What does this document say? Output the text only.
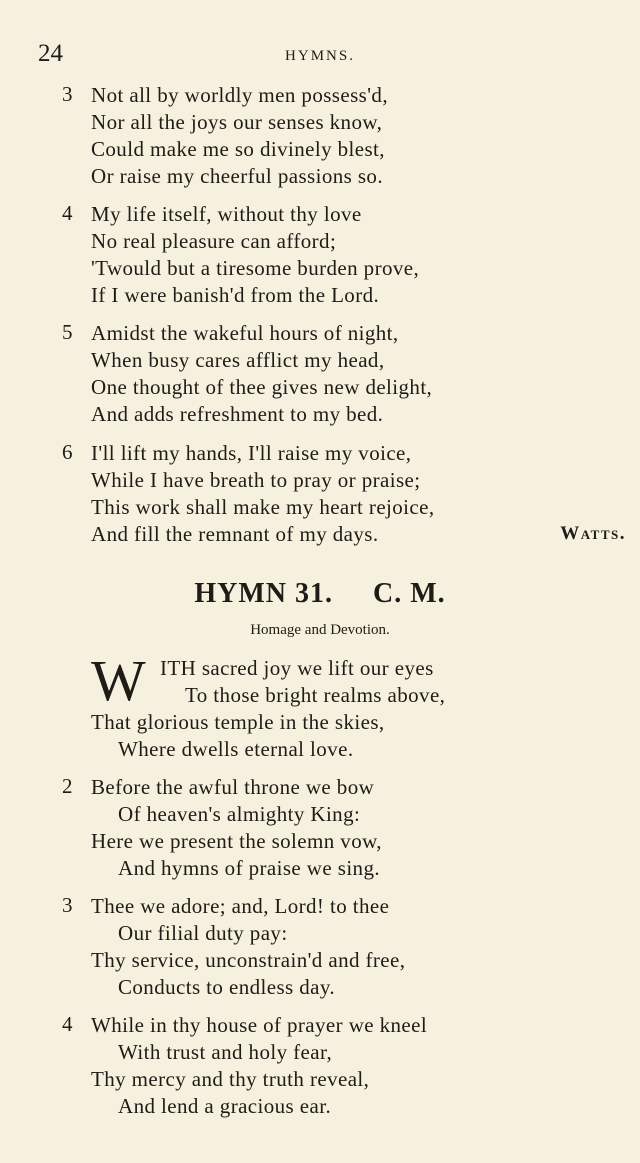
24	HYMNS.
3 Not all by worldly men possess'd,
Nor all the joys our senses know,
Could make me so divinely blest,
Or raise my cheerful passions so.
4 My life itself, without thy love
No real pleasure can afford;
'Twould but a tiresome burden prove,
If I were banish'd from the Lord.
5 Amidst the wakeful hours of night,
When busy cares afflict my head,
One thought of thee gives new delight,
And adds refreshment to my bed.
6 I'll lift my hands, I'll raise my voice,
While I have breath to pray or praise;
This work shall make my heart rejoice,
And fill the remnant of my days.	Watts.
HYMN 31. C. M.
Homage and Devotion.
W ITH sacred joy we lift our eyes
To those bright realms above,
That glorious temple in the skies,
Where dwells eternal love.
2 Before the awful throne we bow
Of heaven's almighty King:
Here we present the solemn vow,
And hymns of praise we sing.
3 Thee we adore; and, Lord! to thee
Our filial duty pay:
Thy service, unconstrain'd and free,
Conducts to endless day.
4 While in thy house of prayer we kneel
With trust and holy fear,
Thy mercy and thy truth reveal,
And lend a gracious ear.
